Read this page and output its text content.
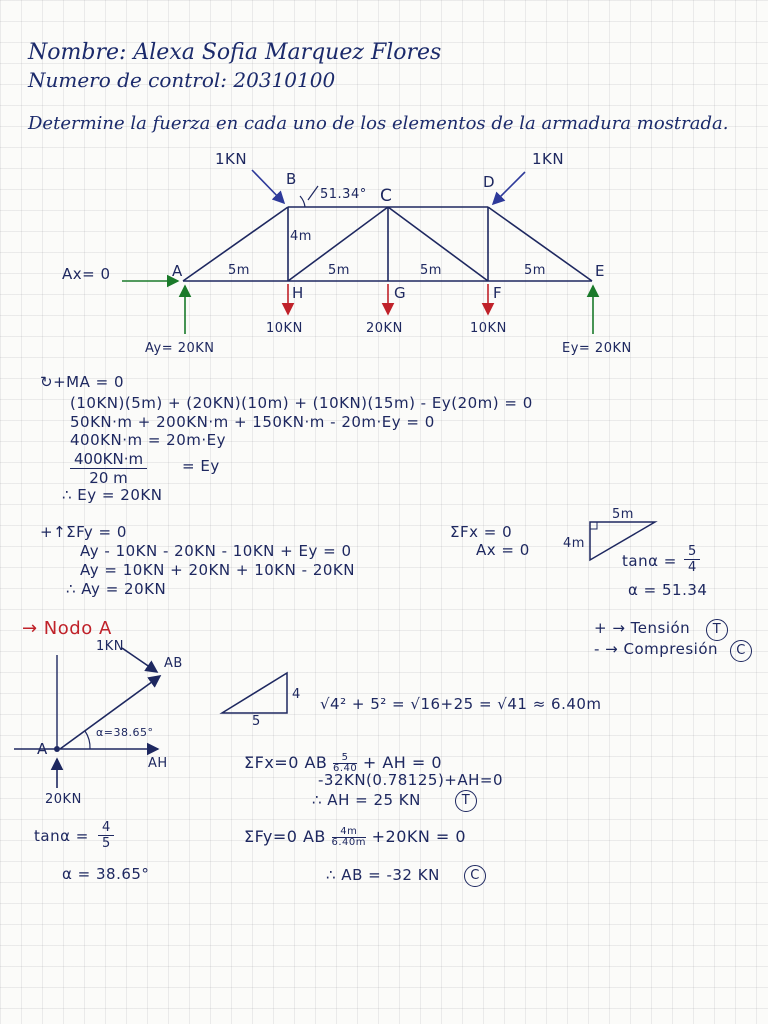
Nombre: Alexa Sofia Marquez Flores
Numero de control: 20310100
Determine la fuerza en cada uno de los elementos de la armadura mostrada.
1KN	1KN
B
C
D
51.34°
4m
A	E
5m	5m	5m	5m
Ax= 0
H	G	F
10KN	20KN	10KN
Ay= 20KN	Ey= 20KN
↻+MA = 0
(10KN)(5m) + (20KN)(10m) + (10KN)(15m) - Ey(20m) = 0
50KN·m + 200KN·m + 150KN·m - 20m·Ey = 0
400KN·m = 20m·Ey
$\frac{400KN\cdot m}{20 m} = Ey$
∴ Ey = 20KN
+↑ΣFy = 0
Ay - 10KN - 20KN - 10KN + Ey = 0
Ay = 10KN + 20KN + 10KN - 20KN
∴ Ay = 20KN
ΣFx = 0
Ax = 0
5m
4m
$\tan\alpha = \frac{5}{4}$
α = 51.34
+ → Tensión	T
- → Compresión	C
→ Nodo A
1KN
AB
AH
A
α=38.65°
20KN
$\tan\alpha = \frac{4}{5}$
α = 38.65°
4
5
√4² + 5² = √16+25 = √41 ≈ 6.40m
ΣFx=0 AB $\frac{5}{6.40}$ + AH = 0
-32KN(0.78125)+AH=0
∴ AH = 25 KN	T
ΣFy=0 AB $\frac{4m}{6.40m} +20KN = 0$
∴ AB = -32 KN	C
